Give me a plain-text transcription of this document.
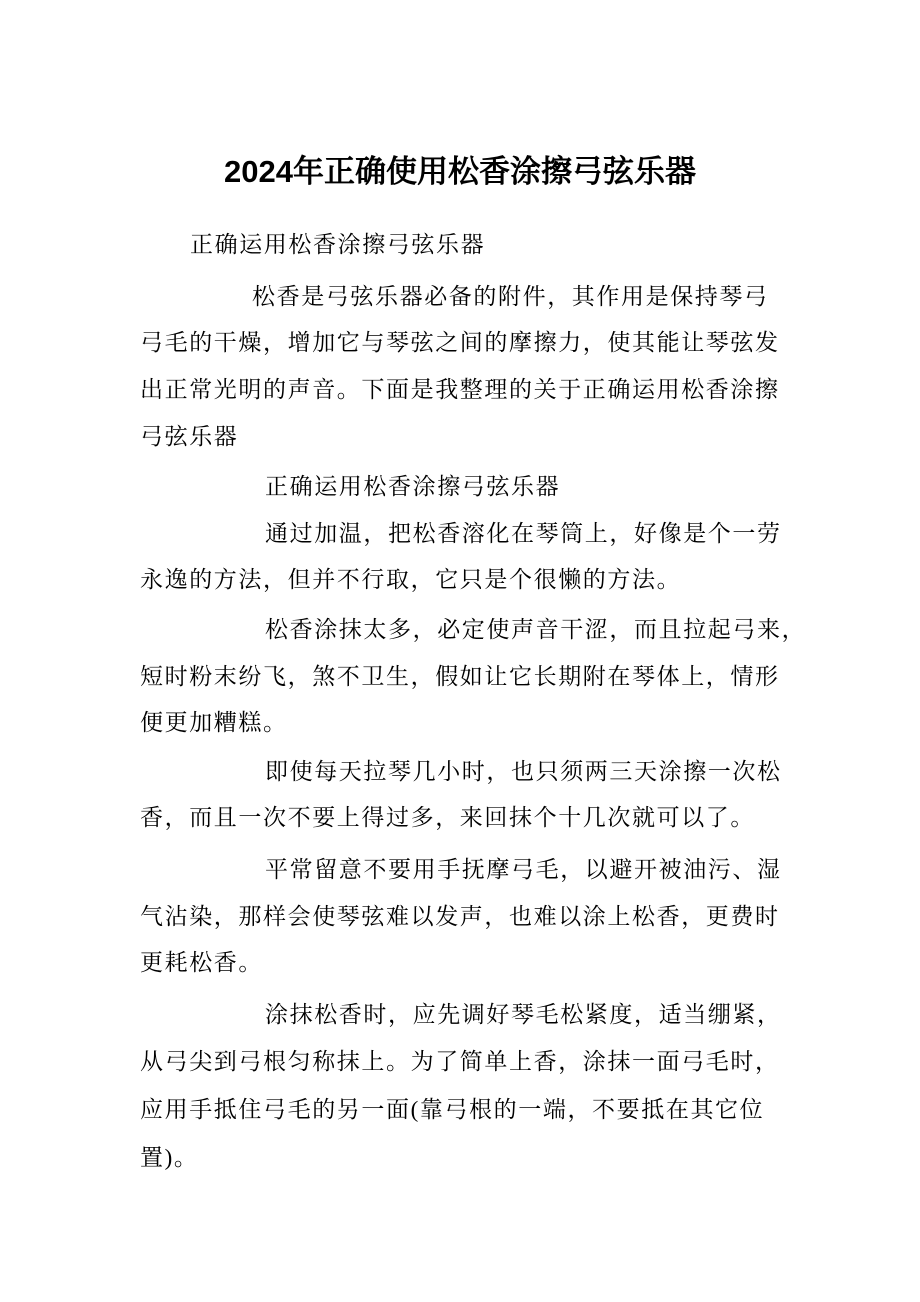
2024年正确使用松香涂擦弓弦乐器
正确运用松香涂擦弓弦乐器
松香是弓弦乐器必备的附件，其作用是保持琴弓
弓毛的干燥，增加它与琴弦之间的摩擦力，使其能让琴弦发
出正常光明的声音。下面是我整理的关于正确运用松香涂擦
弓弦乐器
正确运用松香涂擦弓弦乐器
通过加温，把松香溶化在琴筒上，好像是个一劳
永逸的方法，但并不行取，它只是个很懒的方法。
松香涂抹太多，必定使声音干涩，而且拉起弓来，
短时粉末纷飞，煞不卫生，假如让它长期附在琴体上，情形
便更加糟糕。
即使每天拉琴几小时，也只须两三天涂擦一次松
香，而且一次不要上得过多，来回抹个十几次就可以了。
平常留意不要用手抚摩弓毛，以避开被油污、湿
气沾染，那样会使琴弦难以发声，也难以涂上松香，更费时
更耗松香。
涂抹松香时，应先调好琴毛松紧度，适当绷紧，
从弓尖到弓根匀称抹上。为了简单上香，涂抹一面弓毛时，
应用手抵住弓毛的另一面(靠弓根的一端，不要抵在其它位
置)。
